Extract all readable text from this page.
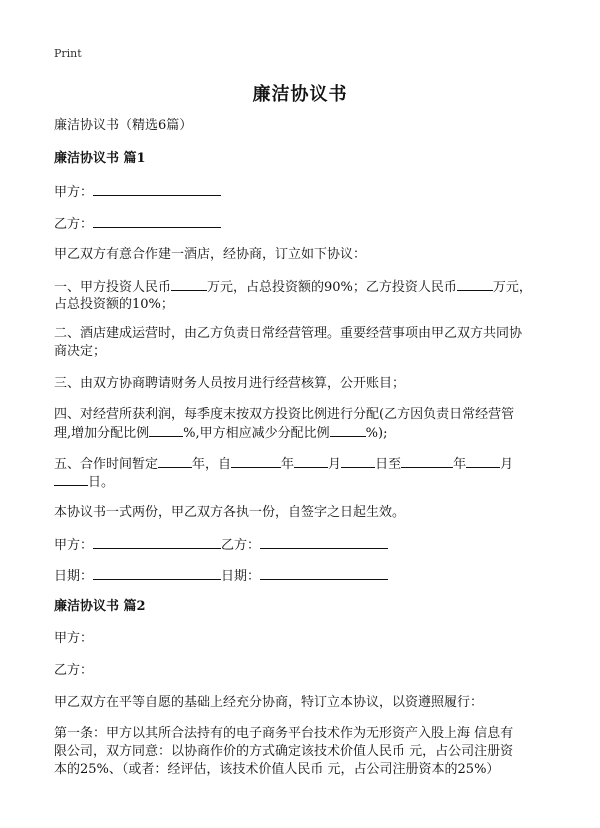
Print
廉洁协议书
廉洁协议书（精选6篇）
廉洁协议书 篇1
甲方：
乙方：
甲乙双方有意合作建一酒店，经协商，订立如下协议：
一、甲方投资人民币	万元，占总投资额的90%；乙方投资人民币	万元，
占总投资额的10%；
二、酒店建成运营时，由乙方负责日常经营管理。重要经营事项由甲乙双方共同协
商决定；
三、由双方协商聘请财务人员按月进行经营核算，公开账目；
四、对经营所获利润，每季度末按双方投资比例进行分配(乙方因负责日常经营管
理,增加分配比例	%,甲方相应减少分配比例	%);
五、合作时间暂定	年，自	年	月	日至	年	月
日。
本协议书一式两份，甲乙双方各执一份，自签字之日起生效。
甲方：	乙方：
日期：	日期：
廉洁协议书 篇2
甲方：
乙方：
甲乙双方在平等自愿的基础上经充分协商，特订立本协议，以资遵照履行：
第一条：甲方以其所合法持有的电子商务平台技术作为无形资产入股上海 信息有
限公司，双方同意：以协商作价的方式确定该技术价值人民币 元，占公司注册资
本的25%、（或者：经评估，该技术价值人民币 元，占公司注册资本的25%）
